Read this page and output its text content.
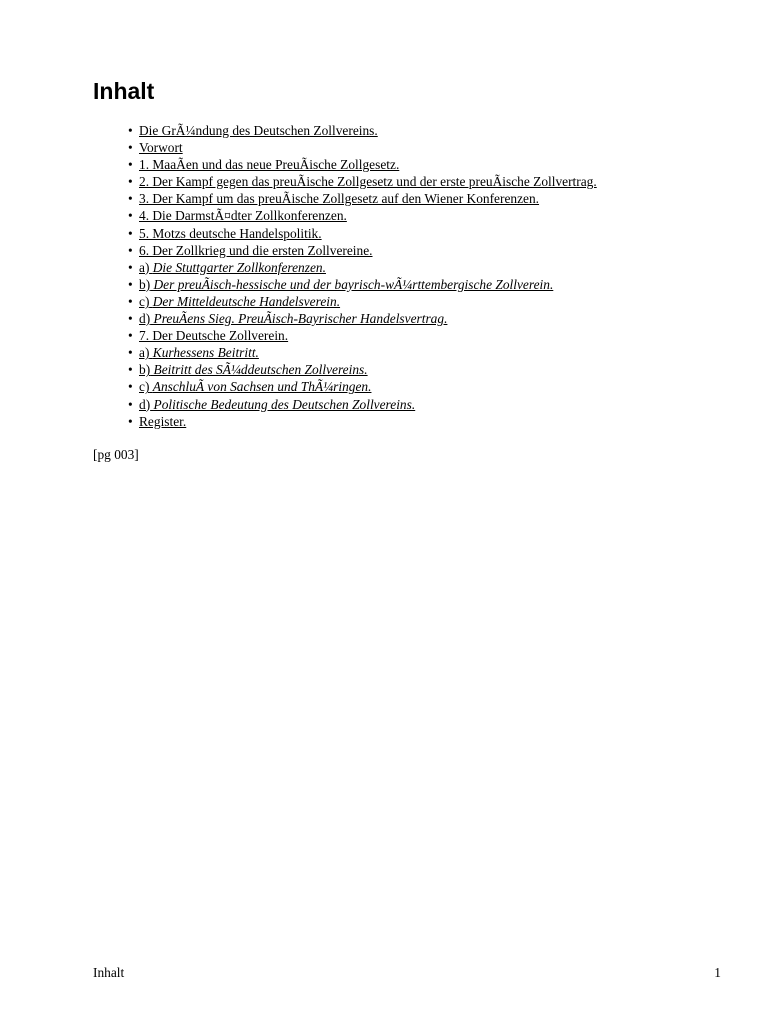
Inhalt
• Die GrÃ¼ndung des Deutschen Zollvereins.
• Vorwort
• 1. MaaÃen und das neue PreuÃische Zollgesetz.
• 2. Der Kampf gegen das preuÃische Zollgesetz und der erste preuÃische Zollvertrag.
• 3. Der Kampf um das preuÃische Zollgesetz auf den Wiener Konferenzen.
• 4. Die DarmstÃ¤dter Zollkonferenzen.
• 5. Motzs deutsche Handelspolitik.
• 6. Der Zollkrieg und die ersten Zollvereine.
• a) Die Stuttgarter Zollkonferenzen.
• b) Der preuÃisch-hessische und der bayrisch-wÃ¼rttembergische Zollverein.
• c) Der Mitteldeutsche Handelsverein.
• d) PreuÃens Sieg. PreuÃisch-Bayrischer Handelsvertrag.
• 7. Der Deutsche Zollverein.
• a) Kurhessens Beitritt.
• b) Beitritt des SÃ¼ddeutschen Zollvereins.
• c) AnschluÃ von Sachsen und ThÃ¼ringen.
• d) Politische Bedeutung des Deutschen Zollvereins.
• Register.

[pg 003]

Inhalt	1
